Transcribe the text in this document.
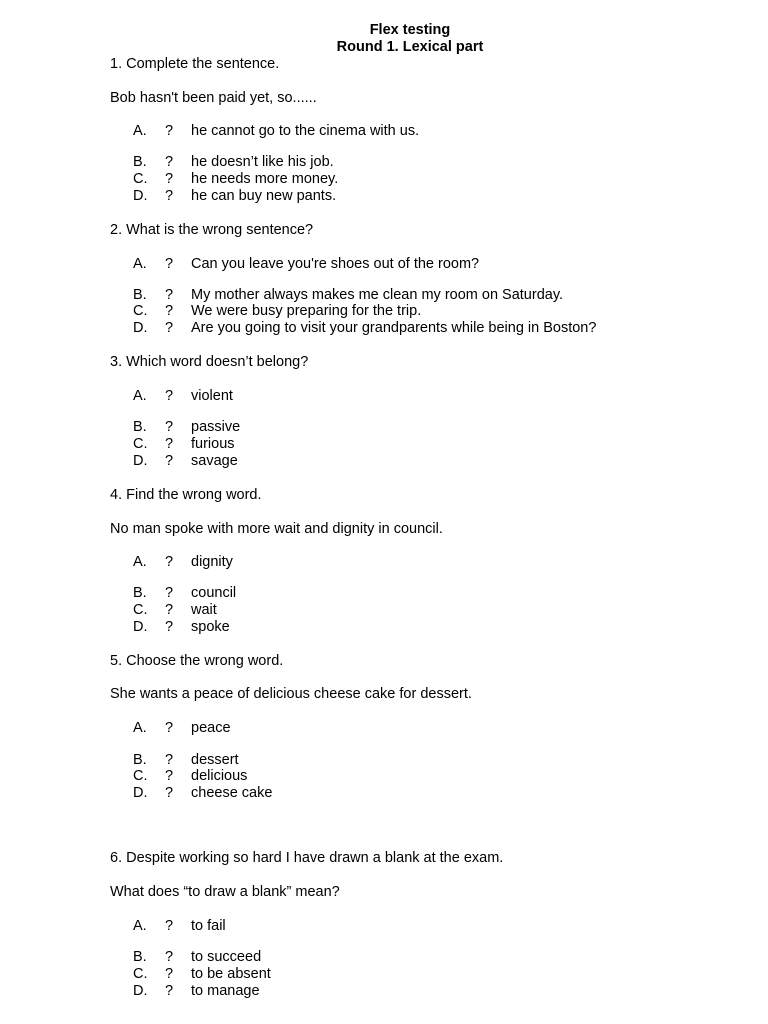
Flex testing
Round 1. Lexical part

1. Complete the sentence.

Bob hasn't been paid yet, so......

A. ? he cannot go to the cinema with us.
B. ? he doesn’t like his job.
C. ? he needs more money.
D. ? he can buy new pants.

2. What is the wrong sentence?

A. ? Can you leave you're shoes out of the room?
B. ? My mother always makes me clean my room on Saturday.
C. ? We were busy preparing for the trip.
D. ? Are you going to visit your grandparents while being in Boston?

3. Which word doesn’t belong?

A. ? violent
B. ? passive
C. ? furious
D. ? savage

4. Find the wrong word.

No man spoke with more wait and dignity in council.

A. ? dignity
B. ? council
C. ? wait
D. ? spoke

5. Choose the wrong word.

She wants a peace of delicious cheese cake for dessert.

A. ? peace
B. ? dessert
C. ? delicious
D. ? cheese cake

6. Despite working so hard I have drawn a blank at the exam.

What does “to draw a blank” mean?

A. ? to fail
B. ? to succeed
C. ? to be absent
D. ? to manage
